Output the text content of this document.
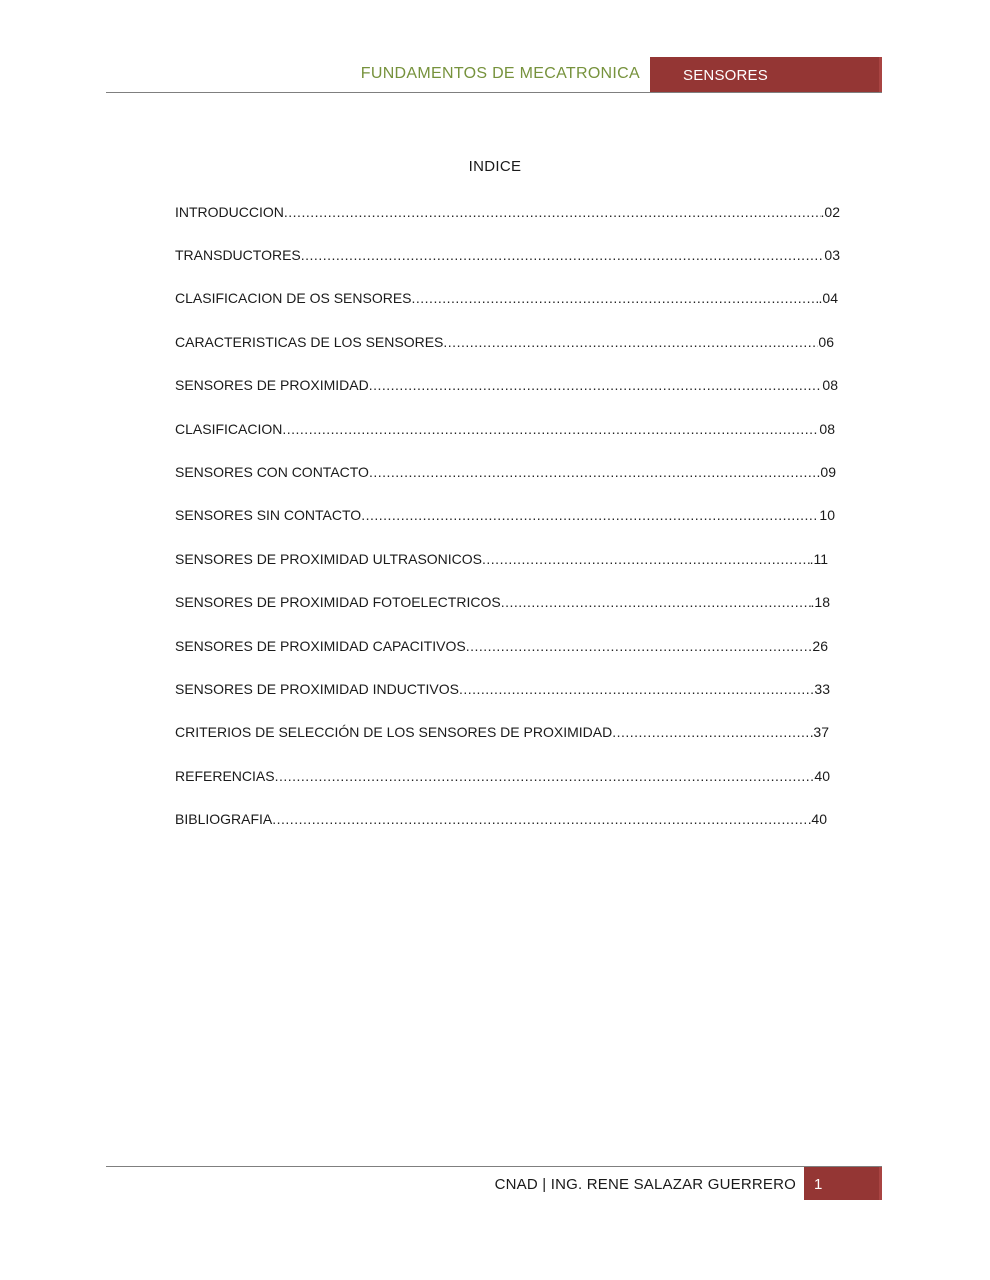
FUNDAMENTOS DE MECATRONICA	SENSORES
INDICE
INTRODUCCION .....	.02
TRANSDUCTORES .....	03
CLASIFICACION DE OS SENSORES .....	.04
CARACTERISTICAS DE LOS SENSORES .....	06
SENSORES DE PROXIMIDAD .....	08
CLASIFICACION .....	08
SENSORES CON CONTACTO .....	.09
SENSORES SIN CONTACTO .....	10
SENSORES DE PROXIMIDAD ULTRASONICOS .....	.11
SENSORES DE PROXIMIDAD FOTOELECTRICOS .....	.18
SENSORES DE PROXIMIDAD CAPACITIVOS .....	26
SENSORES DE PROXIMIDAD INDUCTIVOS .....	33
CRITERIOS DE SELECCIÓN DE LOS SENSORES DE PROXIMIDAD .....	37
REFERENCIAS .....	40
BIBLIOGRAFIA .....	40
CNAD | ING. RENE SALAZAR GUERRERO 1
